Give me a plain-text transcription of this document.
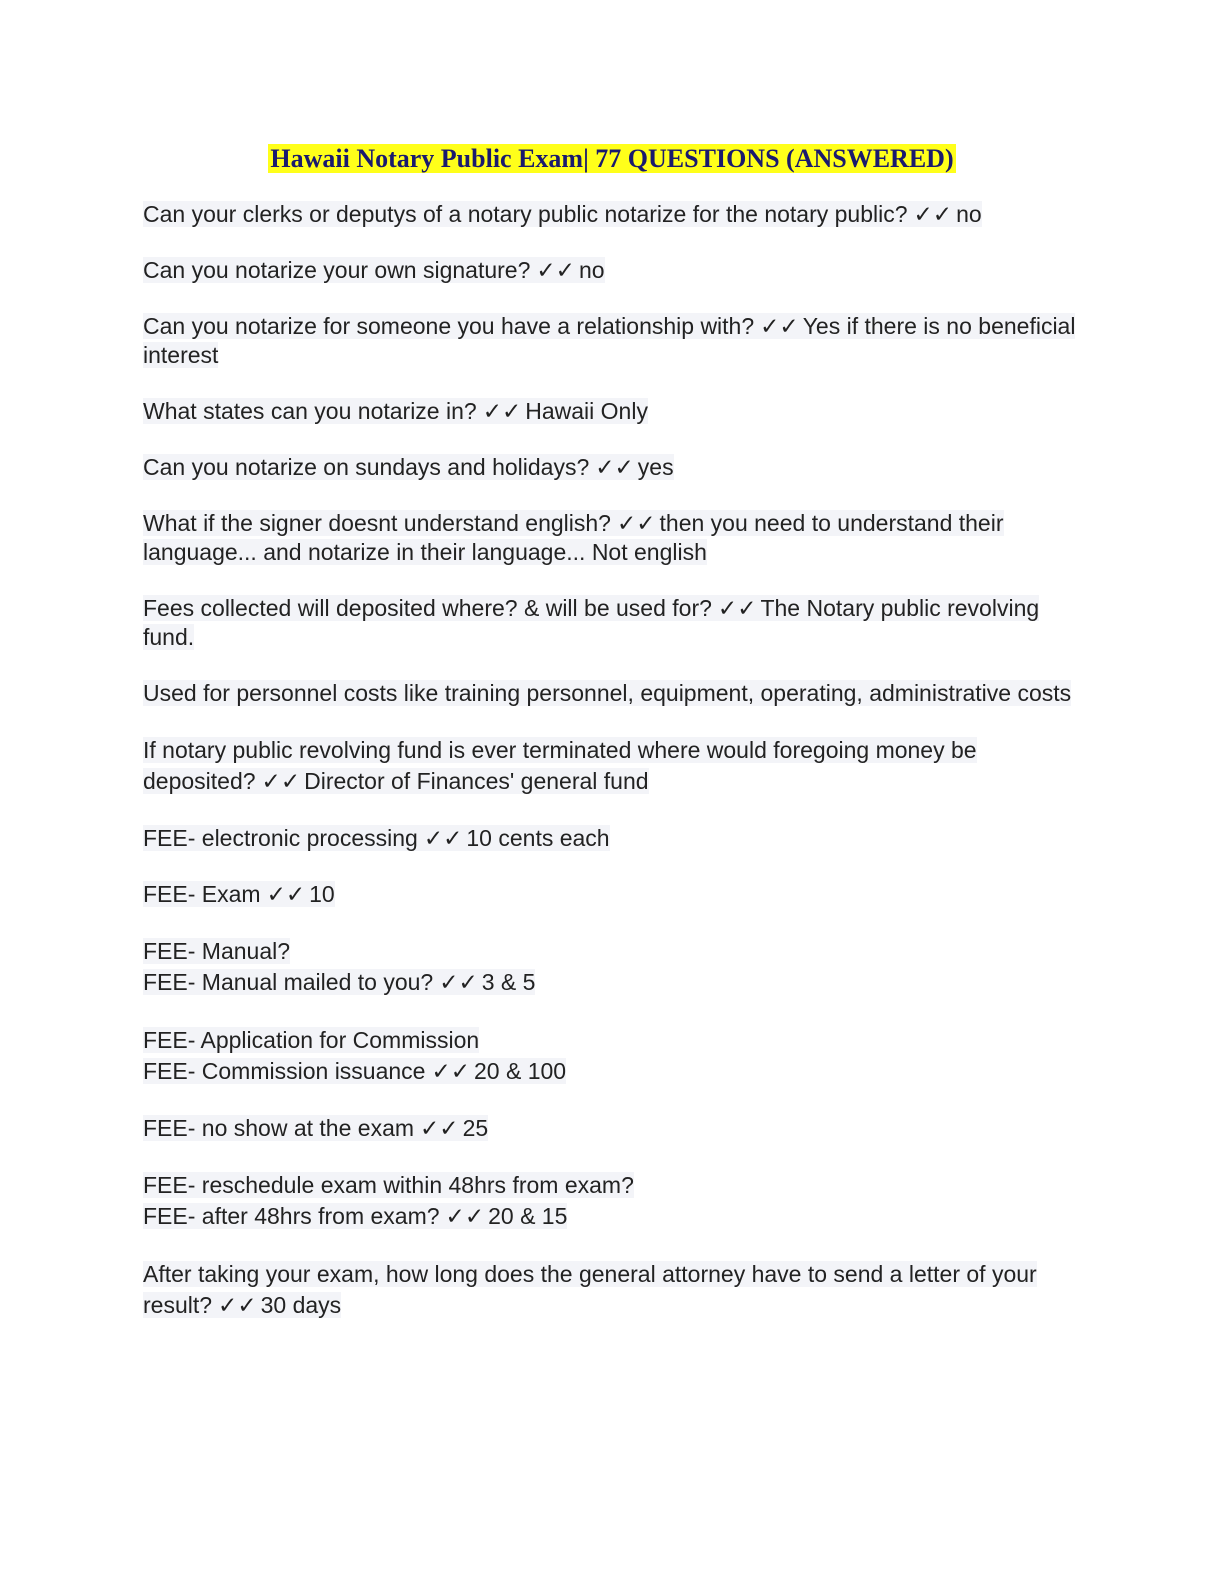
Hawaii Notary Public Exam| 77 QUESTIONS (ANSWERED)

Can your clerks or deputys of a notary public notarize for the notary public? ✓✓ no

Can you notarize your own signature? ✓✓ no

Can you notarize for someone you have a relationship with? ✓✓ Yes if there is no beneficial interest

What states can you notarize in? ✓✓ Hawaii Only

Can you notarize on sundays and holidays? ✓✓ yes

What if the signer doesnt understand english? ✓✓ then you need to understand their language... and notarize in their language... Not english

Fees collected will deposited where? & will be used for? ✓✓ The Notary public revolving fund.

Used for personnel costs like training personnel, equipment, operating, administrative costs

If notary public revolving fund is ever terminated where would foregoing money be deposited? ✓✓ Director of Finances' general fund

FEE- electronic processing ✓✓ 10 cents each

FEE- Exam ✓✓ 10

FEE- Manual?
FEE- Manual mailed to you? ✓✓ 3 & 5

FEE- Application for Commission
FEE- Commission issuance ✓✓ 20 & 100

FEE- no show at the exam ✓✓ 25

FEE- reschedule exam within 48hrs from exam?
FEE- after 48hrs from exam? ✓✓ 20 & 15

After taking your exam, how long does the general attorney have to send a letter of your result? ✓✓ 30 days
